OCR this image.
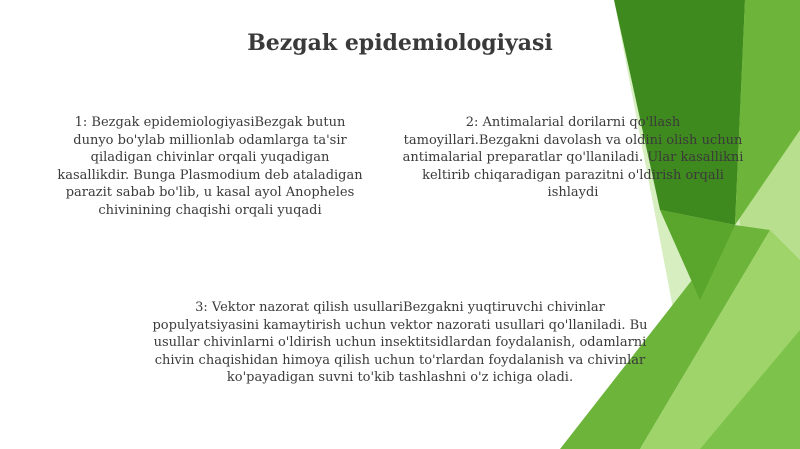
Bezgak epidemiologiyasi
1: Bezgak epidemiologiyasiBezgak butun dunyo bo'ylab millionlab odamlarga ta'sir qiladigan chivinlar orqali yuqadigan kasallikdir. Bunga Plasmodium deb ataladigan parazit sabab bo'lib, u kasal ayol Anopheles chivinining chaqishi orqali yuqadi
2: Antimalarial dorilarni qo'llash tamoyillari.Bezgakni davolash va oldini olish uchun antimalarial preparatlar qo'llaniladi. Ular kasallikni keltirib chiqaradigan parazitni o'ldirish orqali ishlaydi
3: Vektor nazorat qilish usullariBezgakni yuqtiruvchi chivinlar populyatsiyasini kamaytirish uchun vektor nazorati usullari qo'llaniladi. Bu usullar chivinlarni o'ldirish uchun insektitsidlardan foydalanish, odamlarni chivin chaqishidan himoya qilish uchun to'rlardan foydalanish va chivinlar ko'payadigan suvni to'kib tashlashni o'z ichiga oladi.
